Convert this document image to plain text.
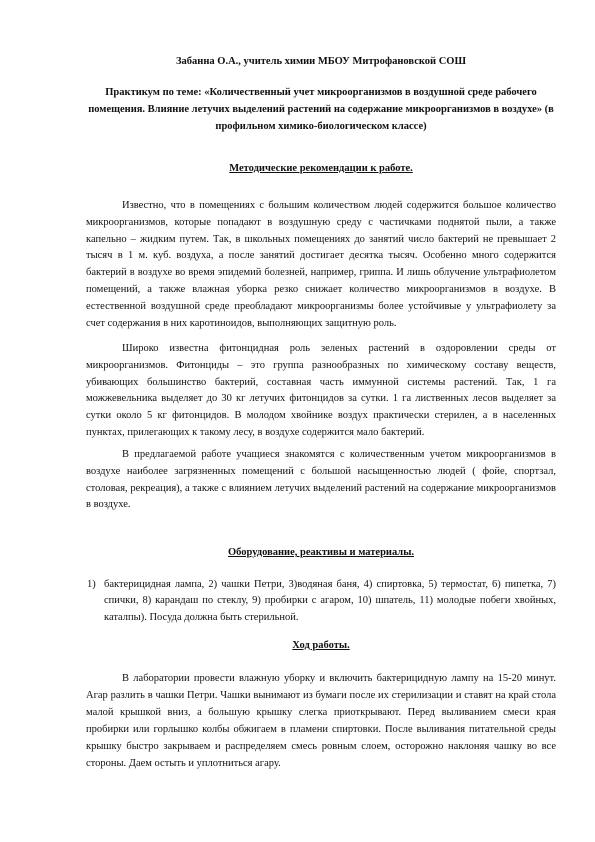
Забанна О.А., учитель химии МБОУ Митрофановской СОШ
Практикум по теме: «Количественный учет микроорганизмов в воздушной среде рабочего помещения. Влияние летучих выделений растений на содержание микроорганизмов в воздухе» (в профильном химико-биологическом классе)
Методические рекомендации к работе.
Известно, что в помещениях с большим количеством людей содержится большое количество микроорганизмов, которые попадают в воздушную среду с частичками поднятой пыли, а также капельно – жидким путем. Так, в школьных помещениях до занятий число бактерий не превышает 2 тысяч в 1 м. куб. воздуха, а после занятий достигает десятка тысяч. Особенно много содержится бактерий в воздухе во время эпидемий болезней, например, гриппа. И лишь облучение ультрафиолетом помещений, а также влажная уборка резко снижает количество микроорганизмов в воздухе. В естественной воздушной среде преобладают микроорганизмы более устойчивые у ультрафиолету за счет содержания в них каротиноидов, выполняющих защитную роль.
Широко известна фитонцидная роль зеленых растений в оздоровлении среды от микроорганизмов. Фитонциды – это группа разнообразных по химическому составу веществ, убивающих большинство бактерий, составная часть иммунной системы растений. Так, 1 га можжевельника выделяет до 30 кг летучих фитонцидов за сутки. 1 га лиственных лесов выделяет за сутки около 5 кг фитонцидов. В молодом хвойнике воздух практически стерилен, а в населенных пунктах, прилегающих к такому лесу, в воздухе содержится мало бактерий.
В предлагаемой работе учащиеся знакомятся с количественным учетом микроорганизмов в воздухе наиболее загрязненных помещений с большой насыщенностью людей ( фойе, спортзал, столовая, рекреация), а также с влиянием летучих выделений растений на содержание микроорганизмов в воздухе.
Оборудование, реактивы и материалы.
1) бактерицидная лампа, 2) чашки Петри, 3)водяная баня, 4) спиртовка, 5) термостат, 6) пипетка, 7) спички, 8) карандаш по стеклу, 9) пробирки с агаром, 10) шпатель, 11) молодые побеги хвойных, каталпы). Посуда должна быть стерильной.
Ход работы.
В лаборатории провести влажную уборку и включить бактерицидную лампу на 15-20 минут. Агар разлить в чашки Петри. Чашки вынимают из бумаги после их стерилизации и ставят на край стола малой крышкой вниз, а большую крышку слегка приоткрывают. Перед выливанием смеси края пробирки или горлышко колбы обжигаем в пламени спиртовки. После выливания питательной среды крышку быстро закрываем и распределяем смесь ровным слоем, осторожно наклоняя чашку во все стороны. Даем остыть и уплотниться агару.
